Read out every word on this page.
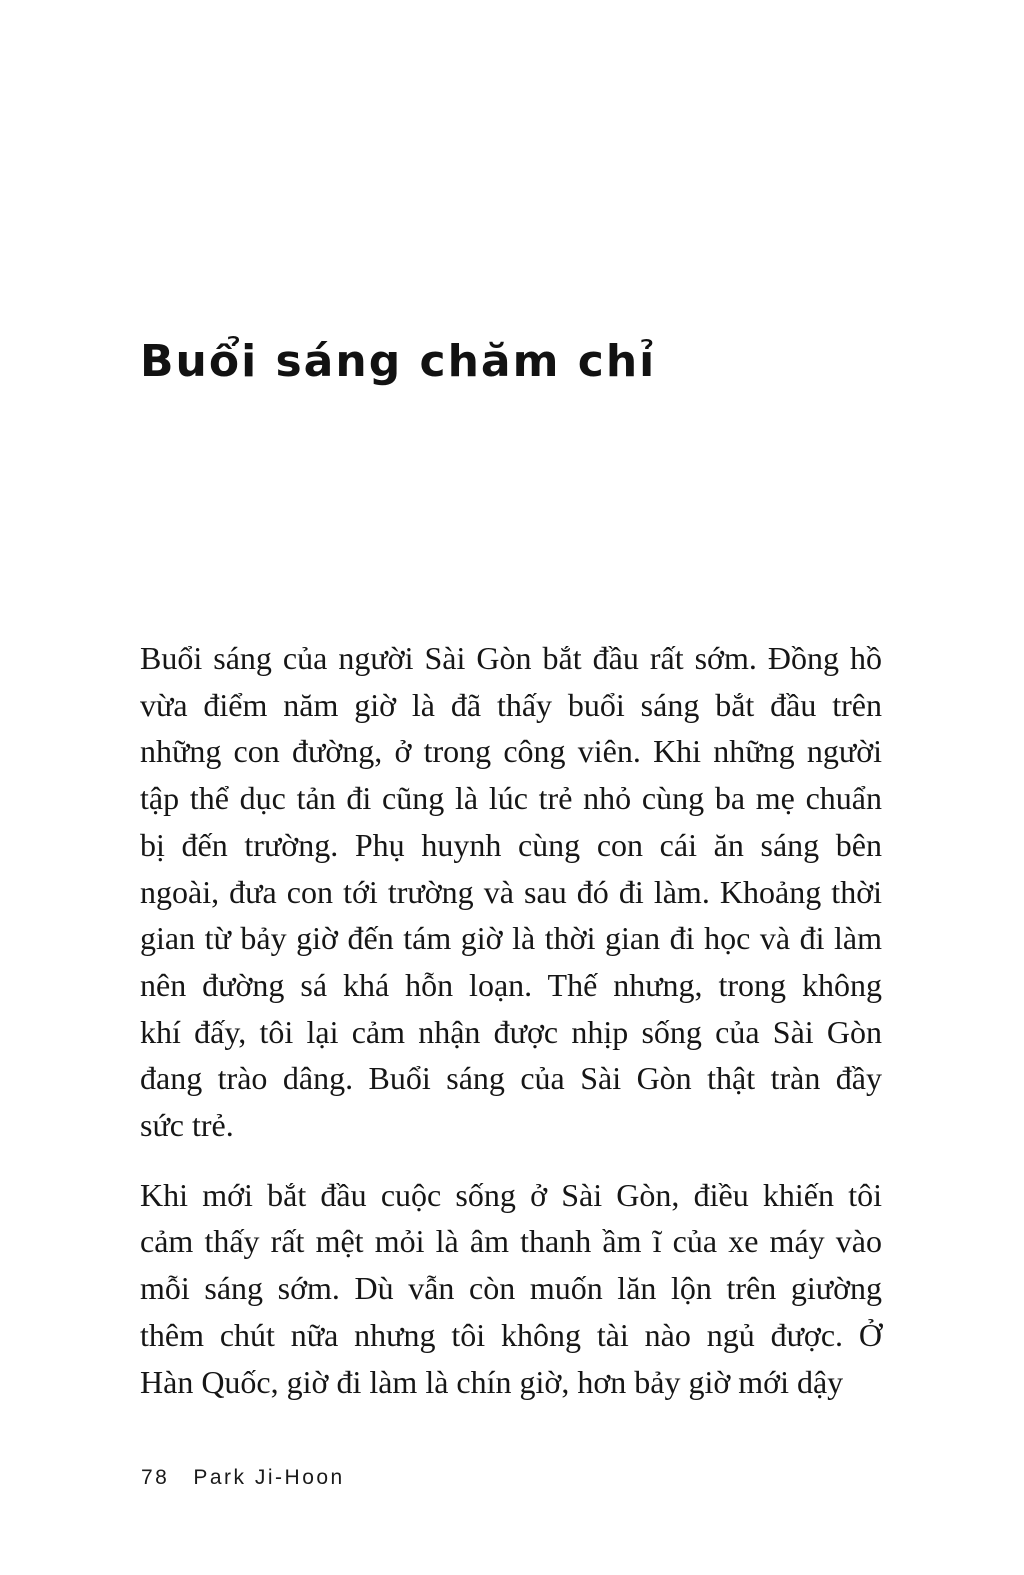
Buổi sáng chăm chỉ
Buổi sáng của người Sài Gòn bắt đầu rất sớm. Đồng hồ
vừa điểm năm giờ là đã thấy buổi sáng bắt đầu trên
những con đường, ở trong công viên. Khi những người
tập thể dục tản đi cũng là lúc trẻ nhỏ cùng ba mẹ chuẩn
bị đến trường. Phụ huynh cùng con cái ăn sáng bên
ngoài, đưa con tới trường và sau đó đi làm. Khoảng thời
gian từ bảy giờ đến tám giờ là thời gian đi học và đi làm
nên đường sá khá hỗn loạn. Thế nhưng, trong không
khí đấy, tôi lại cảm nhận được nhịp sống của Sài Gòn
đang trào dâng. Buổi sáng của Sài Gòn thật tràn đầy
sức trẻ.
Khi mới bắt đầu cuộc sống ở Sài Gòn, điều khiến tôi
cảm thấy rất mệt mỏi là âm thanh ầm ĩ của xe máy vào
mỗi sáng sớm. Dù vẫn còn muốn lăn lộn trên giường
thêm chút nữa nhưng tôi không tài nào ngủ được. Ở
Hàn Quốc, giờ đi làm là chín giờ, hơn bảy giờ mới dậy
78 Park Ji-Hoon
